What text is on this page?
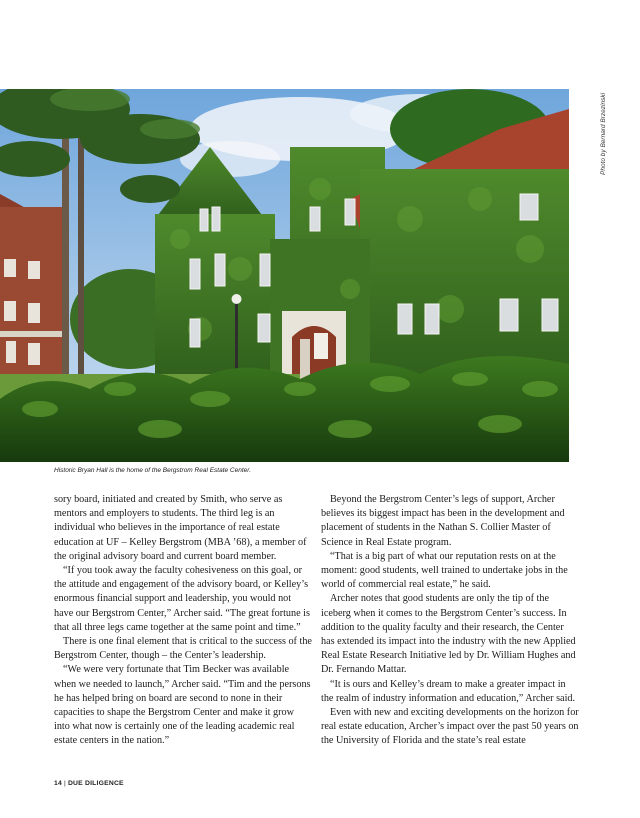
Photo by Bernard Brzezinski
Historic Bryan Hall is the home of the Bergstrom Real Estate Center.

sory board, initiated and created by Smith, who serve as mentors and employers to students. The third leg is an individual who believes in the importance of real estate education at UF – Kelley Bergstrom (MBA ’68), a member of the original advisory board and current board member.

“If you took away the faculty cohesiveness on this goal, or the attitude and engagement of the advisory board, or Kelley’s enormous financial support and leadership, you would not have our Bergstrom Center,” Archer said. “The great fortune is that all three legs came together at the same point and time.”

There is one final element that is critical to the success of the Bergstrom Center, though – the Center’s leadership.

“We were very fortunate that Tim Becker was available when we needed to launch,” Archer said. “Tim and the persons he has helped bring on board are second to none in their capacities to shape the Bergstrom Center and make it grow into what now is certainly one of the leading academic real estate centers in the nation.”

Beyond the Bergstrom Center’s legs of support, Archer believes its biggest impact has been in the development and placement of students in the Nathan S. Collier Master of Science in Real Estate program.

“That is a big part of what our reputation rests on at the moment: good students, well trained to undertake jobs in the world of commercial real estate,” he said.

Archer notes that good students are only the tip of the iceberg when it comes to the Bergstrom Center’s success. In addition to the quality faculty and their research, the Center has extended its impact into the industry with the new Applied Real Estate Research Initiative led by Dr. William Hughes and Dr. Fernando Mattar.

“It is ours and Kelley’s dream to make a greater impact in the realm of industry information and education,” Archer said.

Even with new and exciting developments on the horizon for real estate education, Archer’s impact over the past 50 years on the University of Florida and the state’s real estate

14 | DUE DILIGENCE
